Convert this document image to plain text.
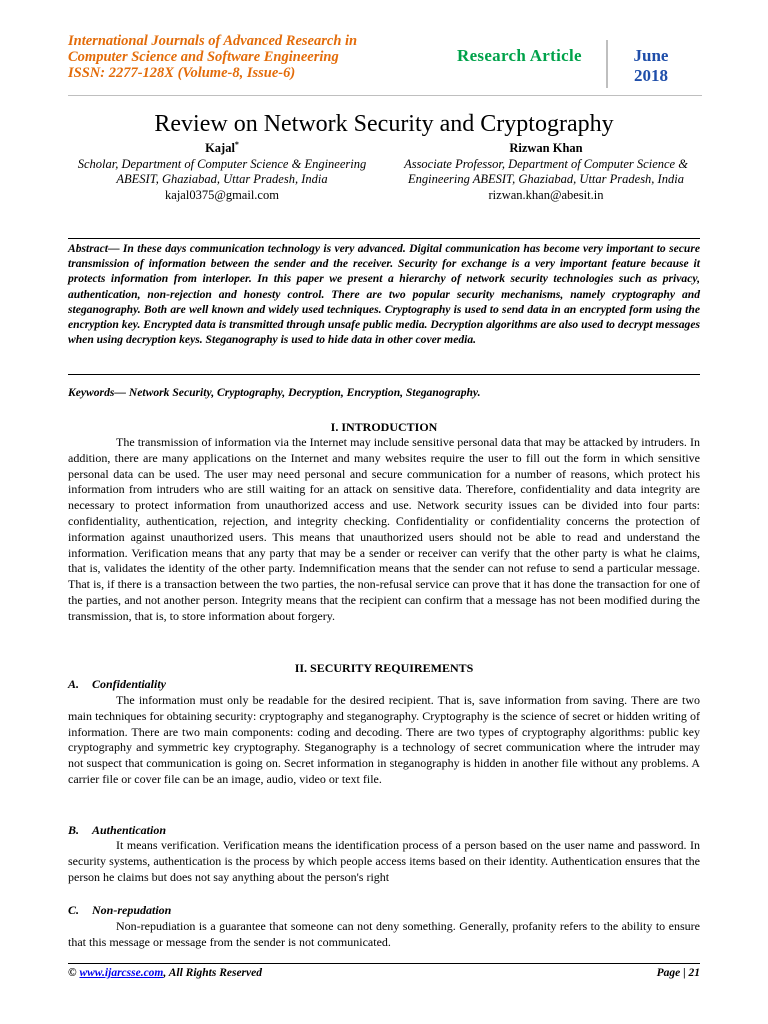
International Journals of Advanced Research in
Computer Science and Software Engineering
ISSN: 2277-128X (Volume-8, Issue-6)
Research Article	June
2018
Review on Network Security and Cryptography
Kajal*
Scholar, Department of Computer Science & Engineering
ABESIT, Ghaziabad, Uttar Pradesh, India
kajal0375@gmail.com
Rizwan Khan
Associate Professor, Department of Computer Science &
Engineering ABESIT, Ghaziabad, Uttar Pradesh, India
rizwan.khan@abesit.in
Abstract— In these days communication technology is very advanced. Digital communication has become very important to secure transmission of information between the sender and the receiver. Security for exchange is a very important feature because it protects information from interloper. In this paper we present a hierarchy of network security technologies such as privacy, authentication, non-rejection and honesty control. There are two popular security mechanisms, namely cryptography and steganography. Both are well known and widely used techniques. Cryptography is used to send data in an encrypted form using the encryption key. Encrypted data is transmitted through unsafe public media. Decryption algorithms are also used to decrypt messages when using decryption keys. Steganography is used to hide data in other cover media.
Keywords— Network Security, Cryptography, Decryption, Encryption, Steganography.
I. INTRODUCTION
The transmission of information via the Internet may include sensitive personal data that may be attacked by intruders. In addition, there are many applications on the Internet and many websites require the user to fill out the form in which sensitive personal data can be used. The user may need personal and secure communication for a number of reasons, which protect his information from intruders who are still waiting for an attack on sensitive data. Therefore, confidentiality and data integrity are necessary to protect information from unauthorized access and use. Network security issues can be divided into four parts: confidentiality, authentication, rejection, and integrity checking. Confidentiality or confidentiality concerns the protection of information against unauthorized users. This means that unauthorized users should not be able to read and understand the information. Verification means that any party that may be a sender or receiver can verify that the other party is what he claims, that is, validates the identity of the other party. Indemnification means that the sender can not refuse to send a particular message. That is, if there is a transaction between the two parties, the non-refusal service can prove that it has done the transaction for one of the parties, and not another person. Integrity means that the recipient can confirm that a message has not been modified during the transmission, that is, to store information about forgery.
II. SECURITY REQUIREMENTS
A. Confidentiality
The information must only be readable for the desired recipient. That is, save information from saving. There are two main techniques for obtaining security: cryptography and steganography. Cryptography is the science of secret or hidden writing of information. There are two main components: coding and decoding. There are two types of cryptography algorithms: public key cryptography and symmetric key cryptography. Steganography is a technology of secret communication where the intruder may not suspect that communication is going on. Secret information in steganography is hidden in another file without any problems. A carrier file or cover file can be an image, audio, video or text file.
B. Authentication
It means verification. Verification means the identification process of a person based on the user name and password. In security systems, authentication is the process by which people access items based on their identity. Authentication ensures that the person he claims but does not say anything about the person's right
C. Non-repudation
Non-repudiation is a guarantee that someone can not deny something. Generally, profanity refers to the ability to ensure that this message or message from the sender is not communicated.
© www.ijarcsse.com, All Rights Reserved	Page | 21
